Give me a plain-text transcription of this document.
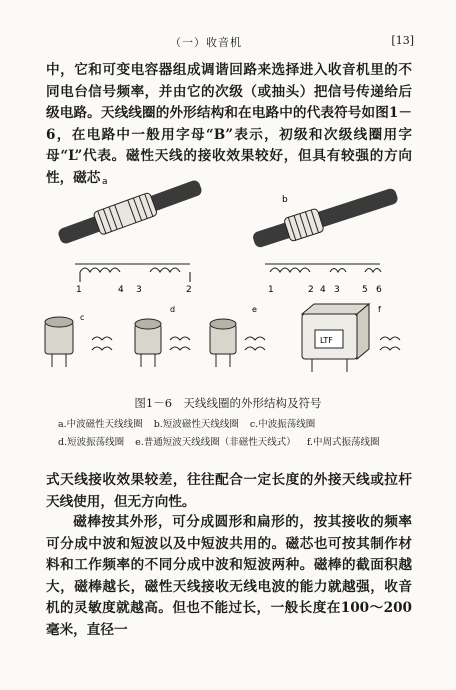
（一）收音机	[13]
中，它和可变电容器组成调谐回路来选择进入收音机里的不同电台信号频率，并由它的次级（或抽头）把信号传递给后级电路。天线线圈的外形结构和在电路中的代表符号如图1－6，在电路中一般用字母“B”表示，初级和次级线圈用字母“L”代表。磁性天线的接收效果较好，但具有较强的方向性，磁芯 a
b
1	4 3	2	1	2 4 3 5 6
c
d	e
LTF
f
图1－6　天线线圈的外形结构及符号
a.中波磁性天线线圈 b.短波磁性天线线圈 c.中波振荡线圈
d.短波振荡线圈 e.普通短波天线线圈（非磁性天线式） f.中周式振荡线圈
式天线接收效果较差，往往配合一定长度的外接天线或拉杆天线使用，但无方向性。
磁棒按其外形，可分成圆形和扁形的，按其接收的频率可分成中波和短波以及中短波共用的。磁芯也可按其制作材料和工作频率的不同分成中波和短波两种。磁棒的截面积越大，磁棒越长，磁性天线接收无线电波的能力就越强，收音机的灵敏度就越高。但也不能过长，一般长度在100～200毫米，直径一
